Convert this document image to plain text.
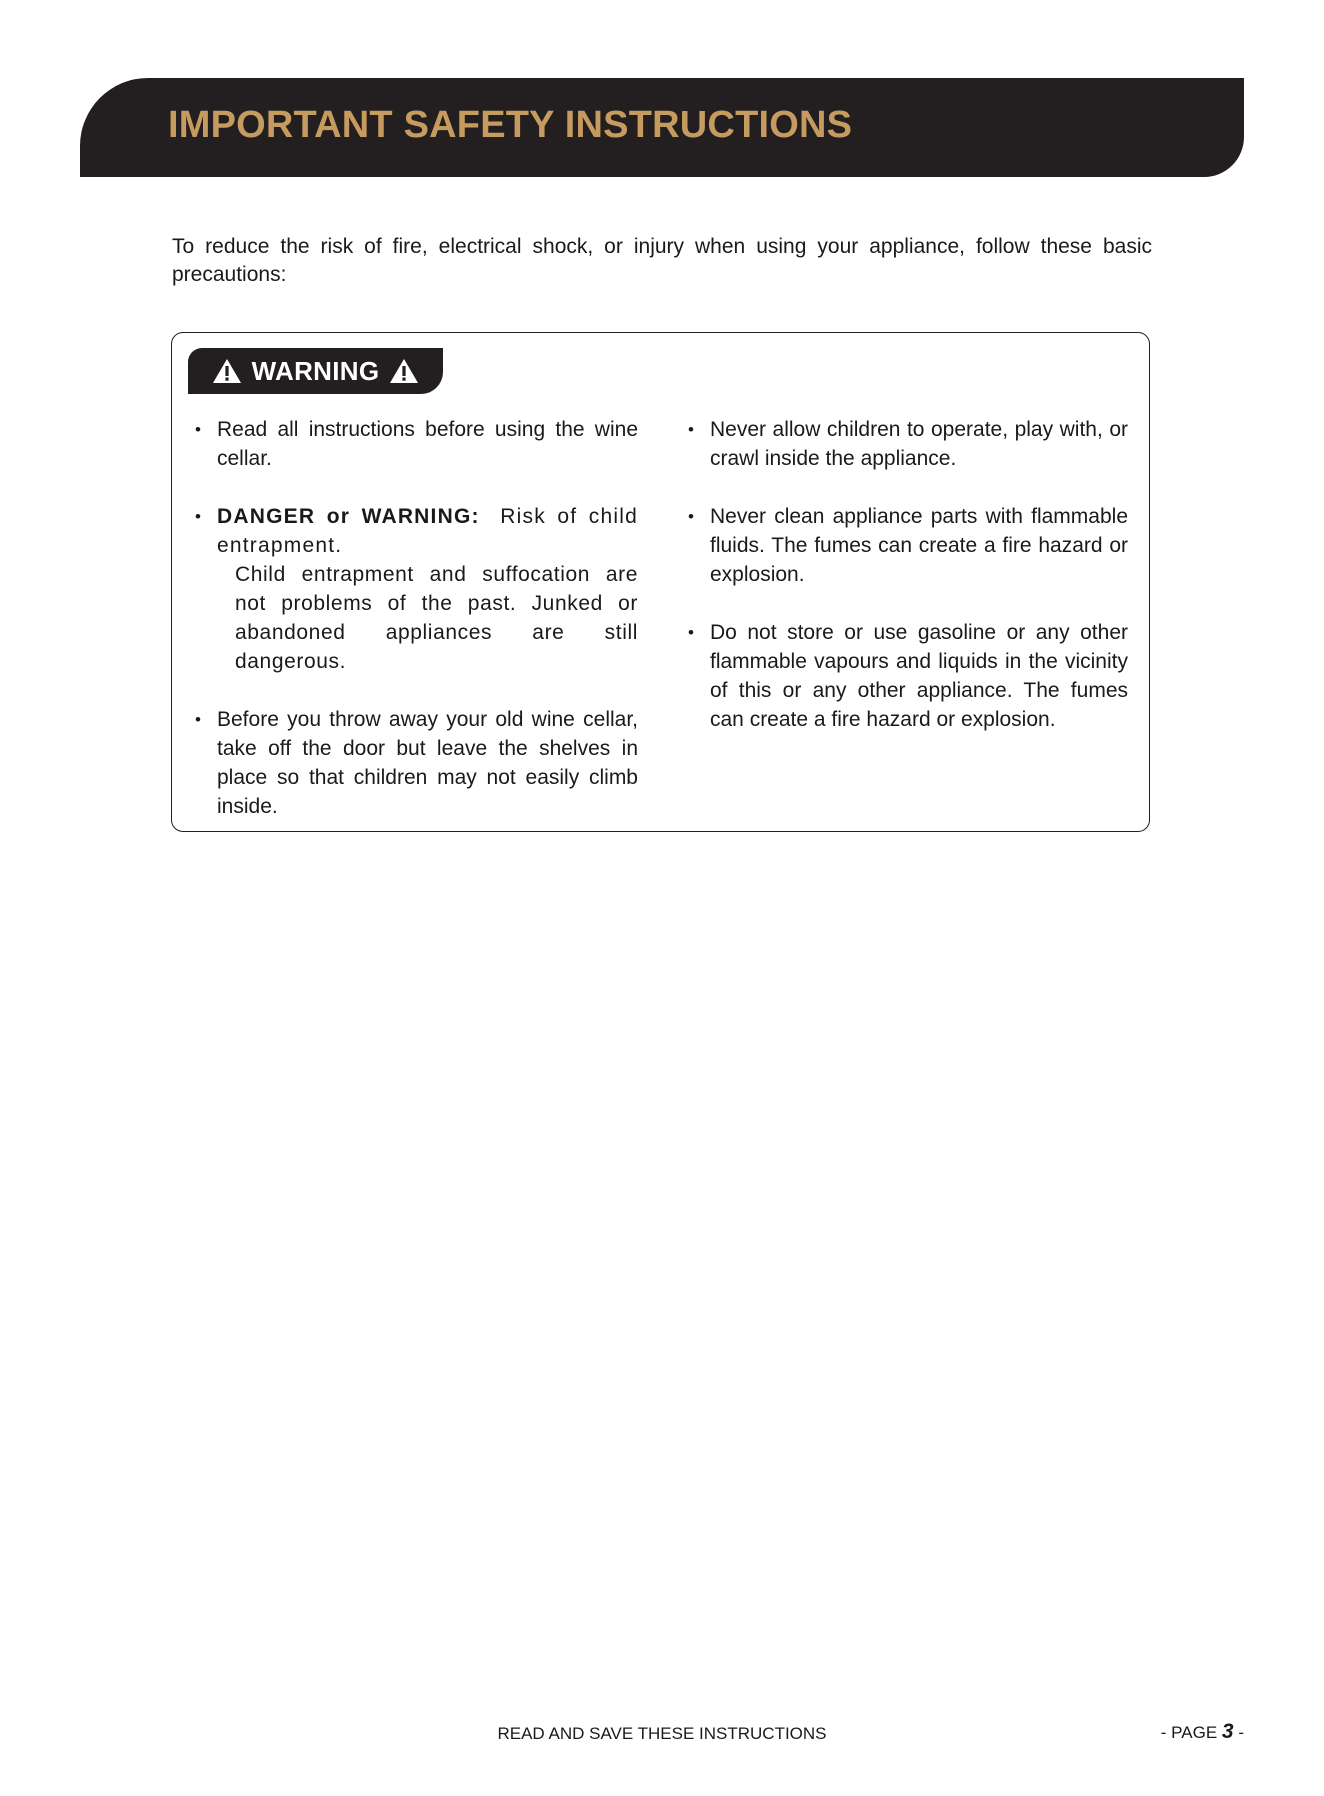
IMPORTANT SAFETY INSTRUCTIONS

To reduce the risk of fire, electrical shock, or injury when using your appliance, follow these basic precautions:

WARNING
• Read all instructions before using the wine cellar.
• DANGER or WARNING: Risk of child entrapment.
Child entrapment and suffocation are not problems of the past. Junked or abandoned appliances are still dangerous.
• Before you throw away your old wine cellar, take off the door but leave the shelves in place so that children may not easily climb inside.
• Never allow children to operate, play with, or crawl inside the appliance.
• Never clean appliance parts with flammable fluids. The fumes can create a fire hazard or explosion.
• Do not store or use gasoline or any other flammable vapours and liquids in the vicinity of this or any other appliance. The fumes can create a fire hazard or explosion.
READ AND SAVE THESE INSTRUCTIONS	- PAGE 3 -
